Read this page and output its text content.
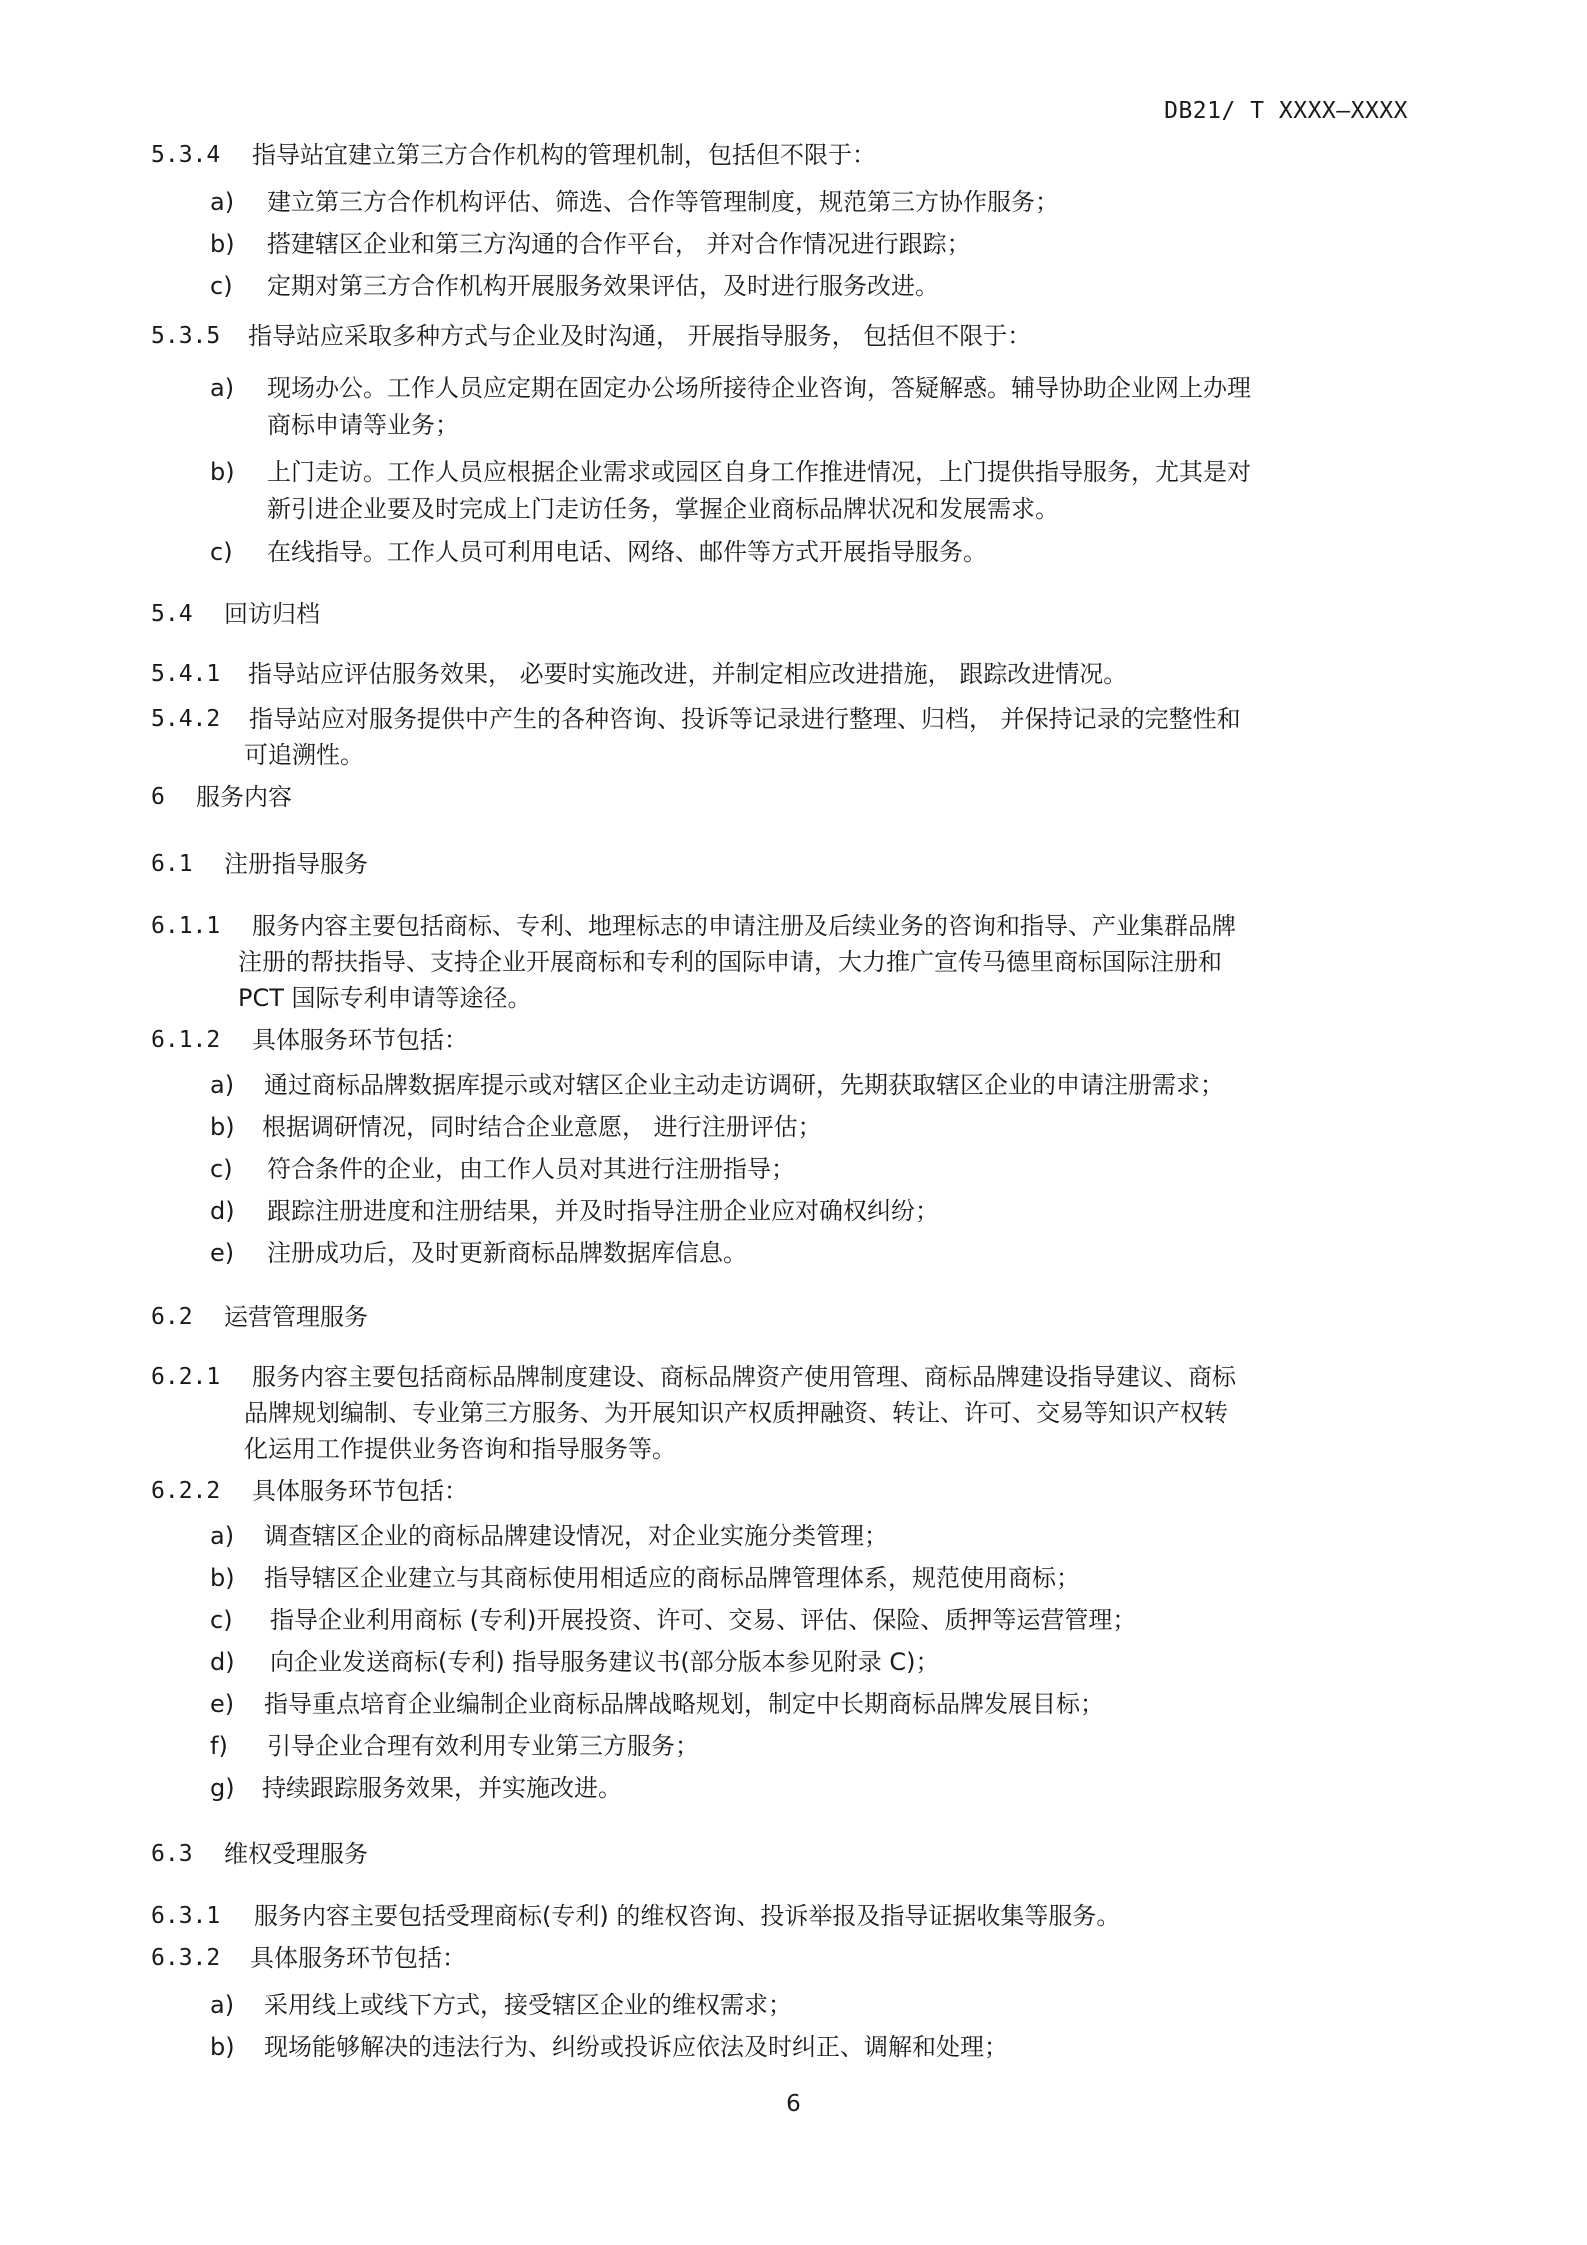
DB21/ T XXXX—XXXX
5.3.4 指导站宜建立第三方合作机构的管理机制，包括但不限于：
a) 建立第三方合作机构评估、筛选、合作等管理制度，规范第三方协作服务；
b) 搭建辖区企业和第三方沟通的合作平台， 并对合作情况进行跟踪；
c) 定期对第三方合作机构开展服务效果评估，及时进行服务改进。
5.3.5 指导站应采取多种方式与企业及时沟通， 开展指导服务， 包括但不限于：
a) 现场办公。工作人员应定期在固定办公场所接待企业咨询，答疑解惑。辅导协助企业网上办理
商标申请等业务；
b) 上门走访。工作人员应根据企业需求或园区自身工作推进情况，上门提供指导服务，尤其是对
新引进企业要及时完成上门走访任务，掌握企业商标品牌状况和发展需求。
c) 在线指导。工作人员可利用电话、网络、邮件等方式开展指导服务。
5.4 回访归档
5.4.1 指导站应评估服务效果， 必要时实施改进，并制定相应改进措施， 跟踪改进情况。
5.4.2 指导站应对服务提供中产生的各种咨询、投诉等记录进行整理、归档， 并保持记录的完整性和
可追溯性。
6 服务内容
6.1 注册指导服务
6.1.1 服务内容主要包括商标、专利、地理标志的申请注册及后续业务的咨询和指导、产业集群品牌
注册的帮扶指导、支持企业开展商标和专利的国际申请，大力推广宣传马德里商标国际注册和
PCT 国际专利申请等途径。
6.1.2 具体服务环节包括：
a) 通过商标品牌数据库提示或对辖区企业主动走访调研，先期获取辖区企业的申请注册需求；
b) 根据调研情况，同时结合企业意愿， 进行注册评估；
c) 符合条件的企业，由工作人员对其进行注册指导；
d) 跟踪注册进度和注册结果，并及时指导注册企业应对确权纠纷；
e) 注册成功后，及时更新商标品牌数据库信息。
6.2 运营管理服务
6.2.1 服务内容主要包括商标品牌制度建设、商标品牌资产使用管理、商标品牌建设指导建议、商标
品牌规划编制、专业第三方服务、为开展知识产权质押融资、转让、许可、交易等知识产权转
化运用工作提供业务咨询和指导服务等。
6.2.2 具体服务环节包括：
a) 调查辖区企业的商标品牌建设情况，对企业实施分类管理；
b) 指导辖区企业建立与其商标使用相适应的商标品牌管理体系，规范使用商标；
c) 指导企业利用商标 (专利)开展投资、许可、交易、评估、保险、质押等运营管理；
d) 向企业发送商标(专利) 指导服务建议书(部分版本参见附录 C)；
e) 指导重点培育企业编制企业商标品牌战略规划，制定中长期商标品牌发展目标；
f) 引导企业合理有效利用专业第三方服务；
g) 持续跟踪服务效果，并实施改进。
6.3 维权受理服务
6.3.1 服务内容主要包括受理商标(专利) 的维权咨询、投诉举报及指导证据收集等服务。
6.3.2 具体服务环节包括：
a) 采用线上或线下方式，接受辖区企业的维权需求；
b) 现场能够解决的违法行为、纠纷或投诉应依法及时纠正、调解和处理；
6
